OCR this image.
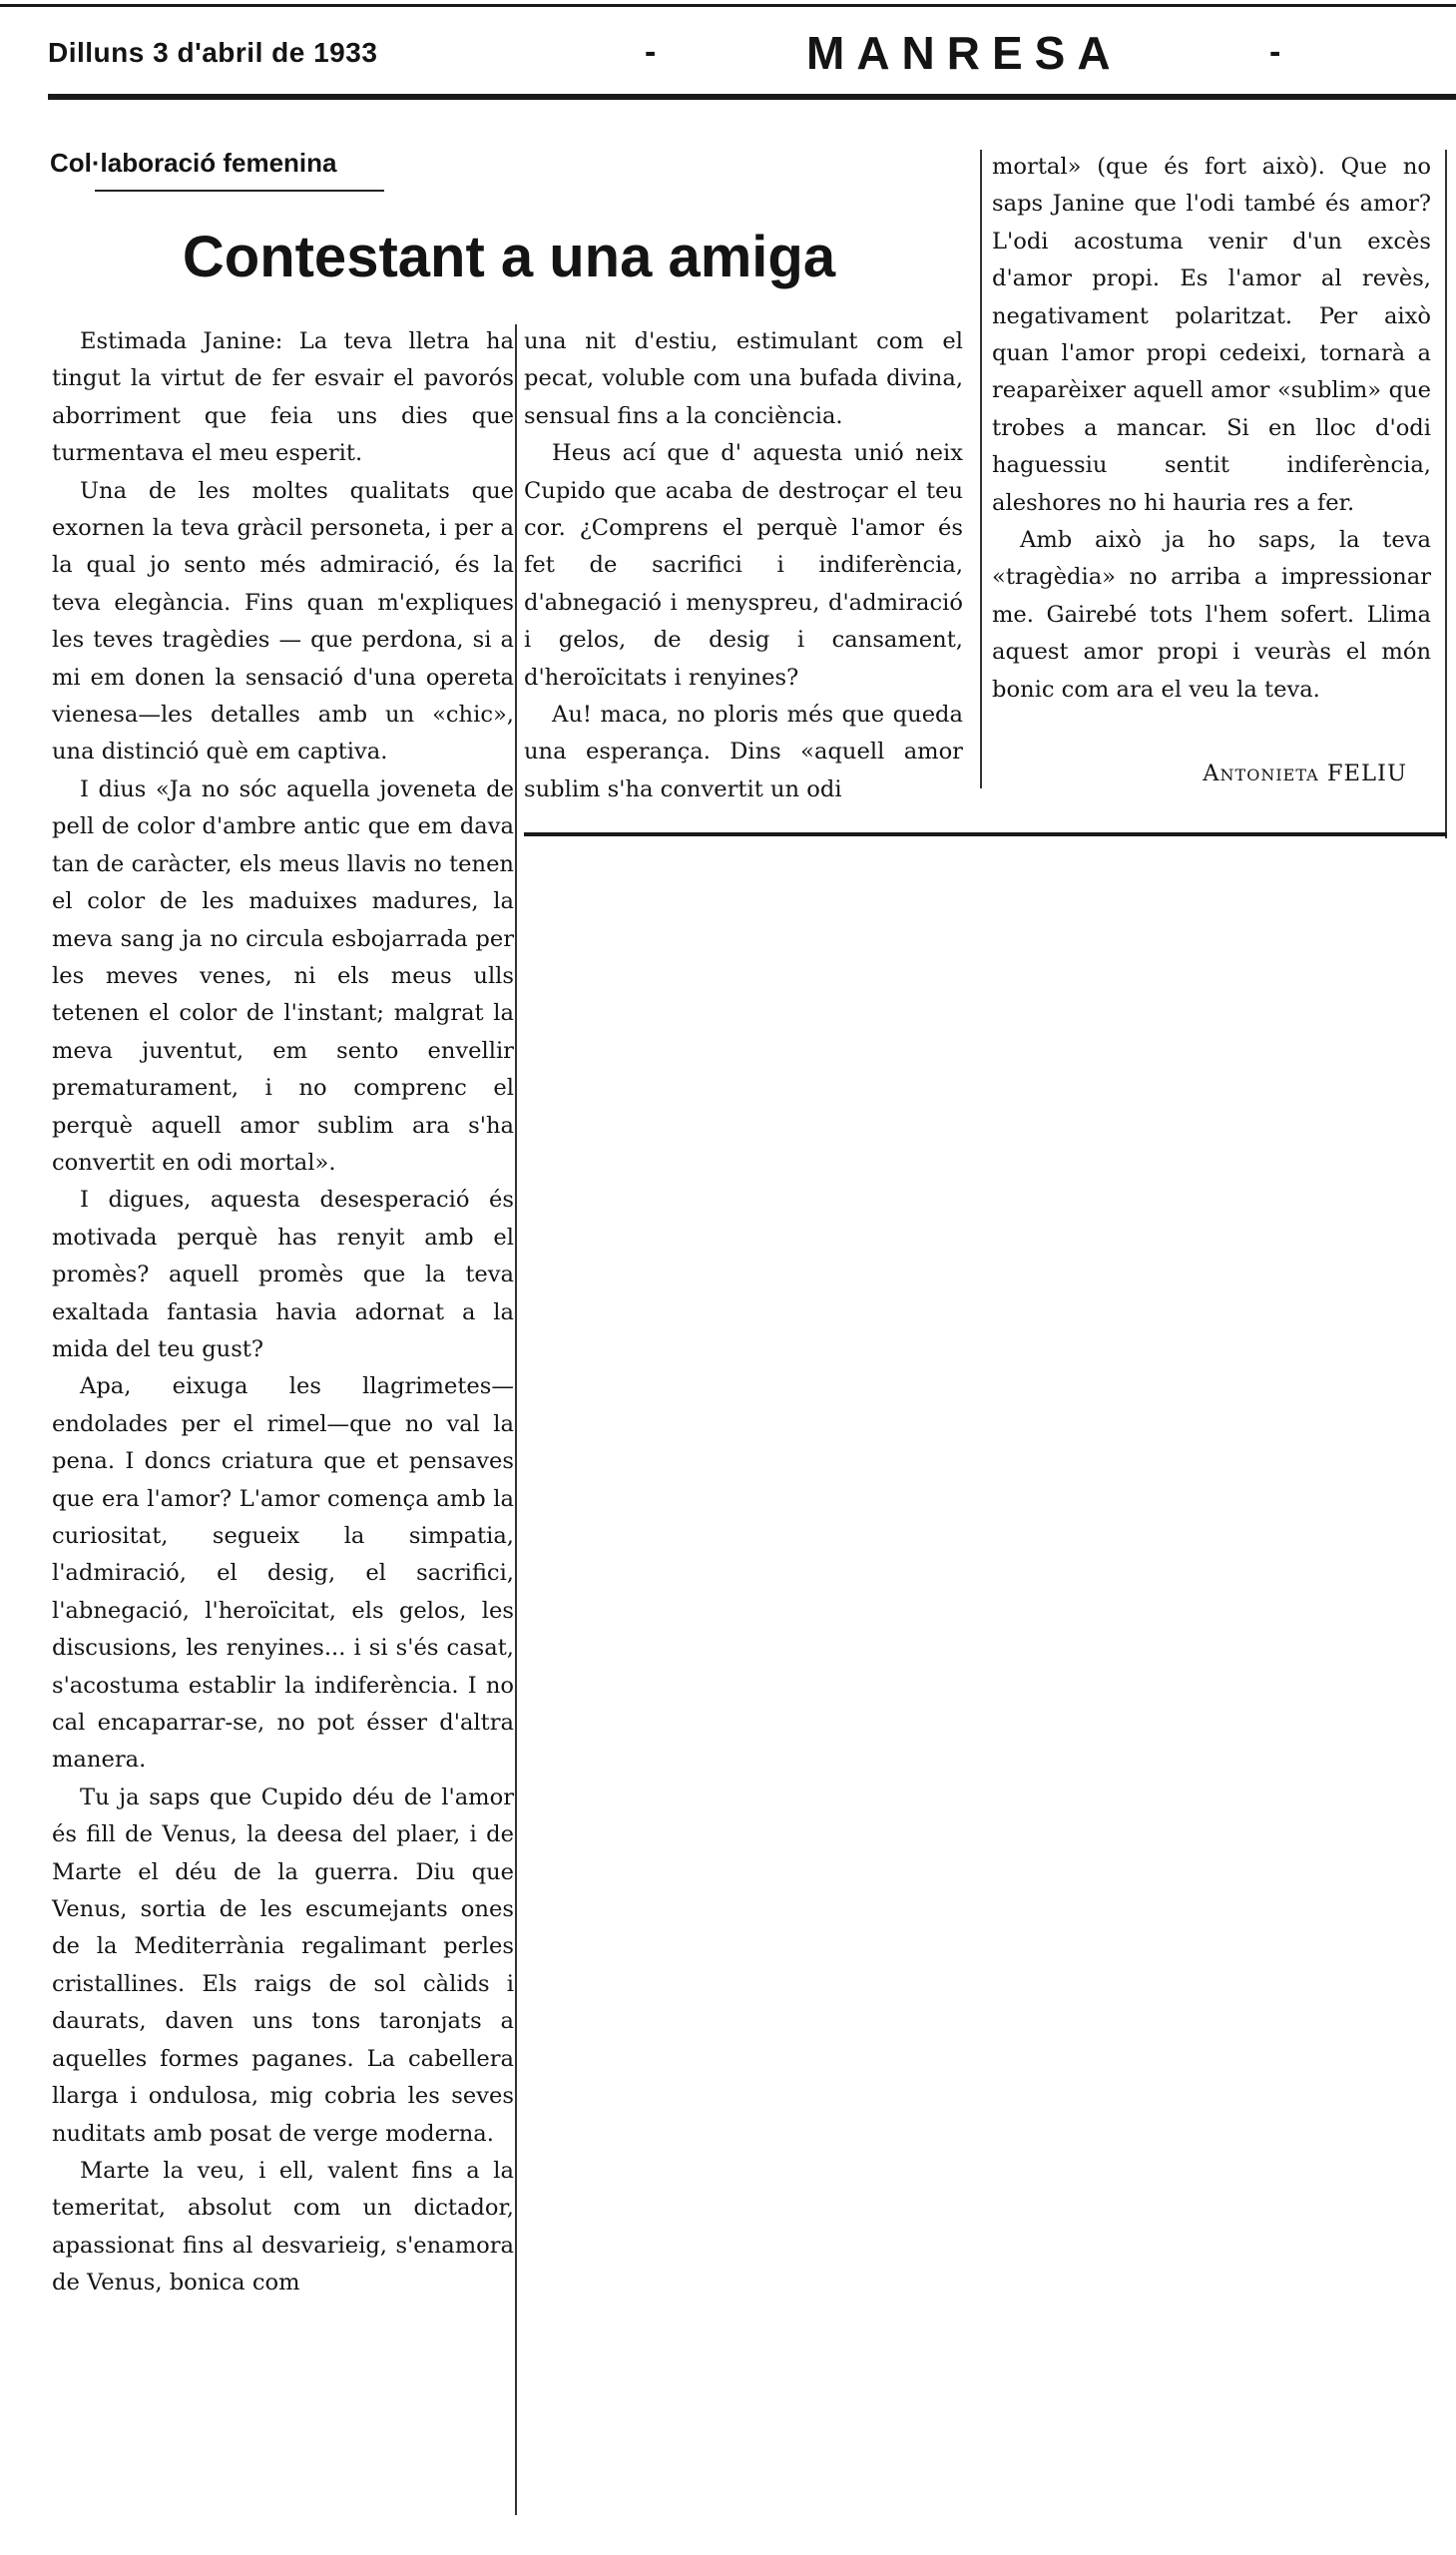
Dilluns 3 d'abril de 1933	-	MANRESA	-
Col·laboració femenina
Contestant a una amiga

Estimada Janine: La teva lletra ha tingut la virtut de fer esvair el pavorós aborriment que feia uns dies que turmentava el meu esperit.

Una de les moltes qualitats que exornen la teva gràcil personeta, i per a la qual jo sento més admiració, és la teva elegància. Fins quan m'expliques les teves tragèdies — que perdona, si a mi em donen la sensació d'una opereta vienesa—les detalles amb un «chic», una distinció què em captiva.

I dius «Ja no sóc aquella joveneta de pell de color d'ambre antic que em dava tan de caràcter, els meus llavis no tenen el color de les maduixes madures, la meva sang ja no circula esbojarrada per les meves venes, ni els meus ulls tetenen el color de l'instant; malgrat la meva juventut, em sento envellir prematurament, i no comprenc el perquè aquell amor sublim ara s'ha convertit en odi mortal».

I digues, aquesta desesperació és motivada perquè has renyit amb el promès? aquell promès que la teva exaltada fantasia havia adornat a la mida del teu gust?

Apa, eixuga les llagrimetes—endolades per el rimel—que no val la pena. I doncs criatura que et pensaves que era l'amor? L'amor comença amb la curiositat, segueix la simpatia, l'admiració, el desig, el sacrifici, l'abnegació, l'heroïcitat, els gelos, les discusions, les renyines... i si s'és casat, s'acostuma establir la indiferència. I no cal encaparrar-se, no pot ésser d'altra manera.

Tu ja saps que Cupido déu de l'amor és fill de Venus, la deesa del plaer, i de Marte el déu de la guerra. Diu que Venus, sortia de les escumejants ones de la Mediterrània regalimant perles cristallines. Els raigs de sol càlids i daurats, daven uns tons taronjats a aquelles formes paganes. La cabellera llarga i ondulosa, mig cobria les seves nuditats amb posat de verge moderna.

Marte la veu, i ell, valent fins a la temeritat, absolut com un dictador, apassionat fins al desvarieig, s'enamora de Venus, bonica com

una nit d'estiu, estimulant com el pecat, voluble com una bufada divina, sensual fins a la conciència.

Heus ací que d' aquesta unió neix Cupido que acaba de destroçar el teu cor. ¿Comprens el perquè l'amor és fet de sacrifici i indiferència, d'abnegació i menyspreu, d'admiració i gelos, de desig i cansament, d'heroïcitats i renyines?

Au! maca, no ploris més que queda una esperança. Dins «aquell amor sublim s'ha convertit un odi

mortal» (que és fort això). Que no saps Janine que l'odi també és amor? L'odi acostuma venir d'un excès d'amor propi. Es l'amor al revès, negativament polaritzat. Per això quan l'amor propi cedeixi, tornarà a reaparèixer aquell amor «sublim» que trobes a mancar. Si en lloc d'odi haguessiu sentit indiferència, aleshores no hi hauria res a fer.

Amb això ja ho saps, la teva «tragèdia» no arriba a impressionar me. Gairebé tots l'hem sofert. Llima aquest amor propi i veuràs el món bonic com ara el veu la teva.

Antonieta FELIU
